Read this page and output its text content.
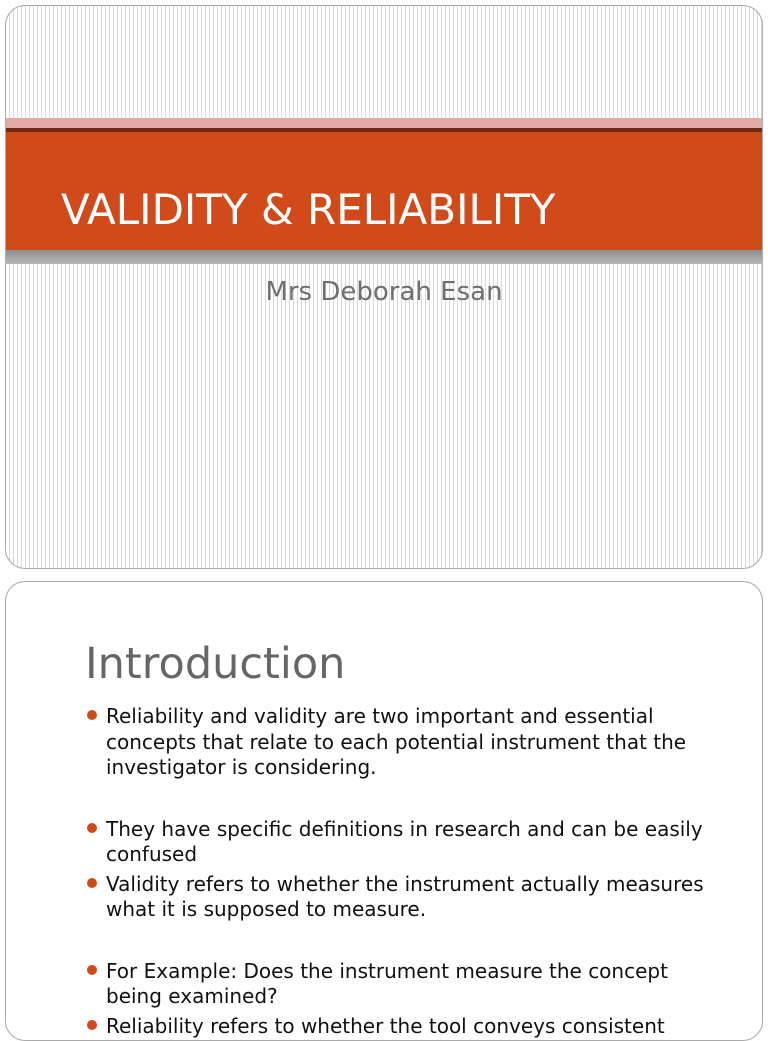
VALIDITY & RELIABILITY
Mrs Deborah Esan
Introduction
Reliability and validity are two important and essential concepts that relate to each potential instrument that the investigator is considering.
They have specific definitions in research and can be easily confused
Validity refers to whether the instrument actually measures what it is supposed to measure.
For Example: Does the instrument measure the concept being examined?
Reliability refers to whether the tool conveys consistent
